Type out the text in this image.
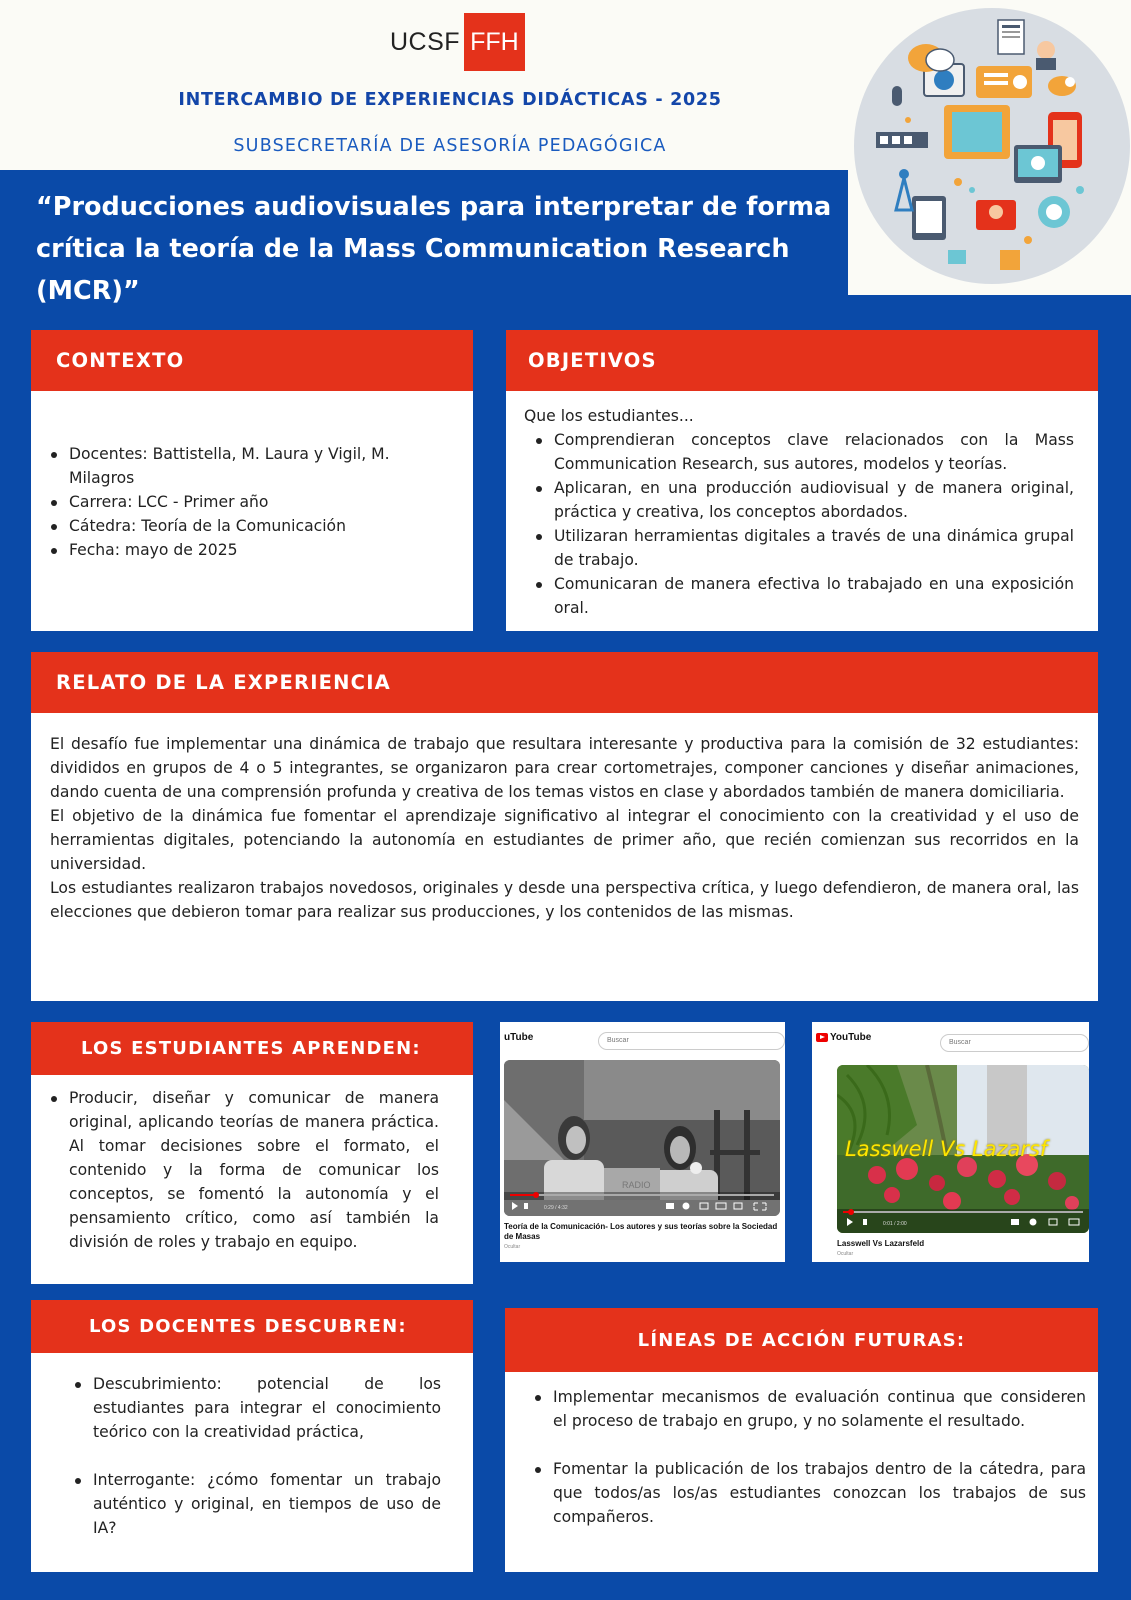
UCSF FFH
INTERCAMBIO DE EXPERIENCIAS DIDÁCTICAS - 2025
SUBSECRETARÍA DE ASESORÍA PEDAGÓGICA
“Producciones audiovisuales para interpretar de forma
crítica la teoría de la Mass Communication Research
(MCR)”
CONTEXTO
Docentes: Battistella, M. Laura y Vigil, M. Milagros
Carrera: LCC - Primer año
Cátedra: Teoría de la Comunicación
Fecha: mayo de 2025
OBJETIVOS
Que los estudiantes...
Comprendieran conceptos clave relacionados con la Mass Communication Research, sus autores, modelos y teorías.
Aplicaran, en una producción audiovisual y de manera original, práctica y creativa, los conceptos abordados.
Utilizaran herramientas digitales a través de una dinámica grupal de trabajo.
Comunicaran de manera efectiva lo trabajado en una exposición oral.
RELATO DE LA EXPERIENCIA

El desafío fue implementar una dinámica de trabajo que resultara interesante y productiva para la comisión de 32 estudiantes: divididos en grupos de 4 o 5 integrantes, se organizaron para crear cortometrajes, componer canciones y diseñar animaciones, dando cuenta de una comprensión profunda y creativa de los temas vistos en clase y abordados también de manera domiciliaria.

El objetivo de la dinámica fue fomentar el aprendizaje significativo al integrar el conocimiento con la creatividad y el uso de herramientas digitales, potenciando la autonomía en estudiantes de primer año, que recién comienzan sus recorridos en la universidad.

Los estudiantes realizaron trabajos novedosos, originales y desde una perspectiva crítica, y luego defendieron, de manera oral, las elecciones que debieron tomar para realizar sus producciones, y los contenidos de las mismas.

LOS ESTUDIANTES APRENDEN:
Producir, diseñar y comunicar de manera original, aplicando teorías de manera práctica. Al tomar decisiones sobre el formato, el contenido y la forma de comunicar los conceptos, se fomentó la autonomía y el pensamiento crítico, como así también la división de roles y trabajo en equipo.
LOS DOCENTES DESCUBREN:
Descubrimiento: potencial de los estudiantes para integrar el conocimiento teórico con la creatividad práctica,
Interrogante: ¿cómo fomentar un trabajo auténtico y original, en tiempos de uso de IA?
LÍNEAS DE ACCIÓN FUTURAS:
Implementar mecanismos de evaluación continua que consideren el proceso de trabajo en grupo, y no solamente el resultado.
Fomentar la publicación de los trabajos dentro de la cátedra, para que todos/as los/as estudiantes conozcan los trabajos de sus compañeros.
uTube	Buscar
RADIO
0:29 / 4:32
Teoría de la Comunicación- Los autores y sus teorías sobre la Sociedad de Masas
Ocultar
YouTube	Buscar
0:01 / 2:00
Lasswell Vs Lazarsf
Lasswell Vs Lazarsfeld
Ocultar
